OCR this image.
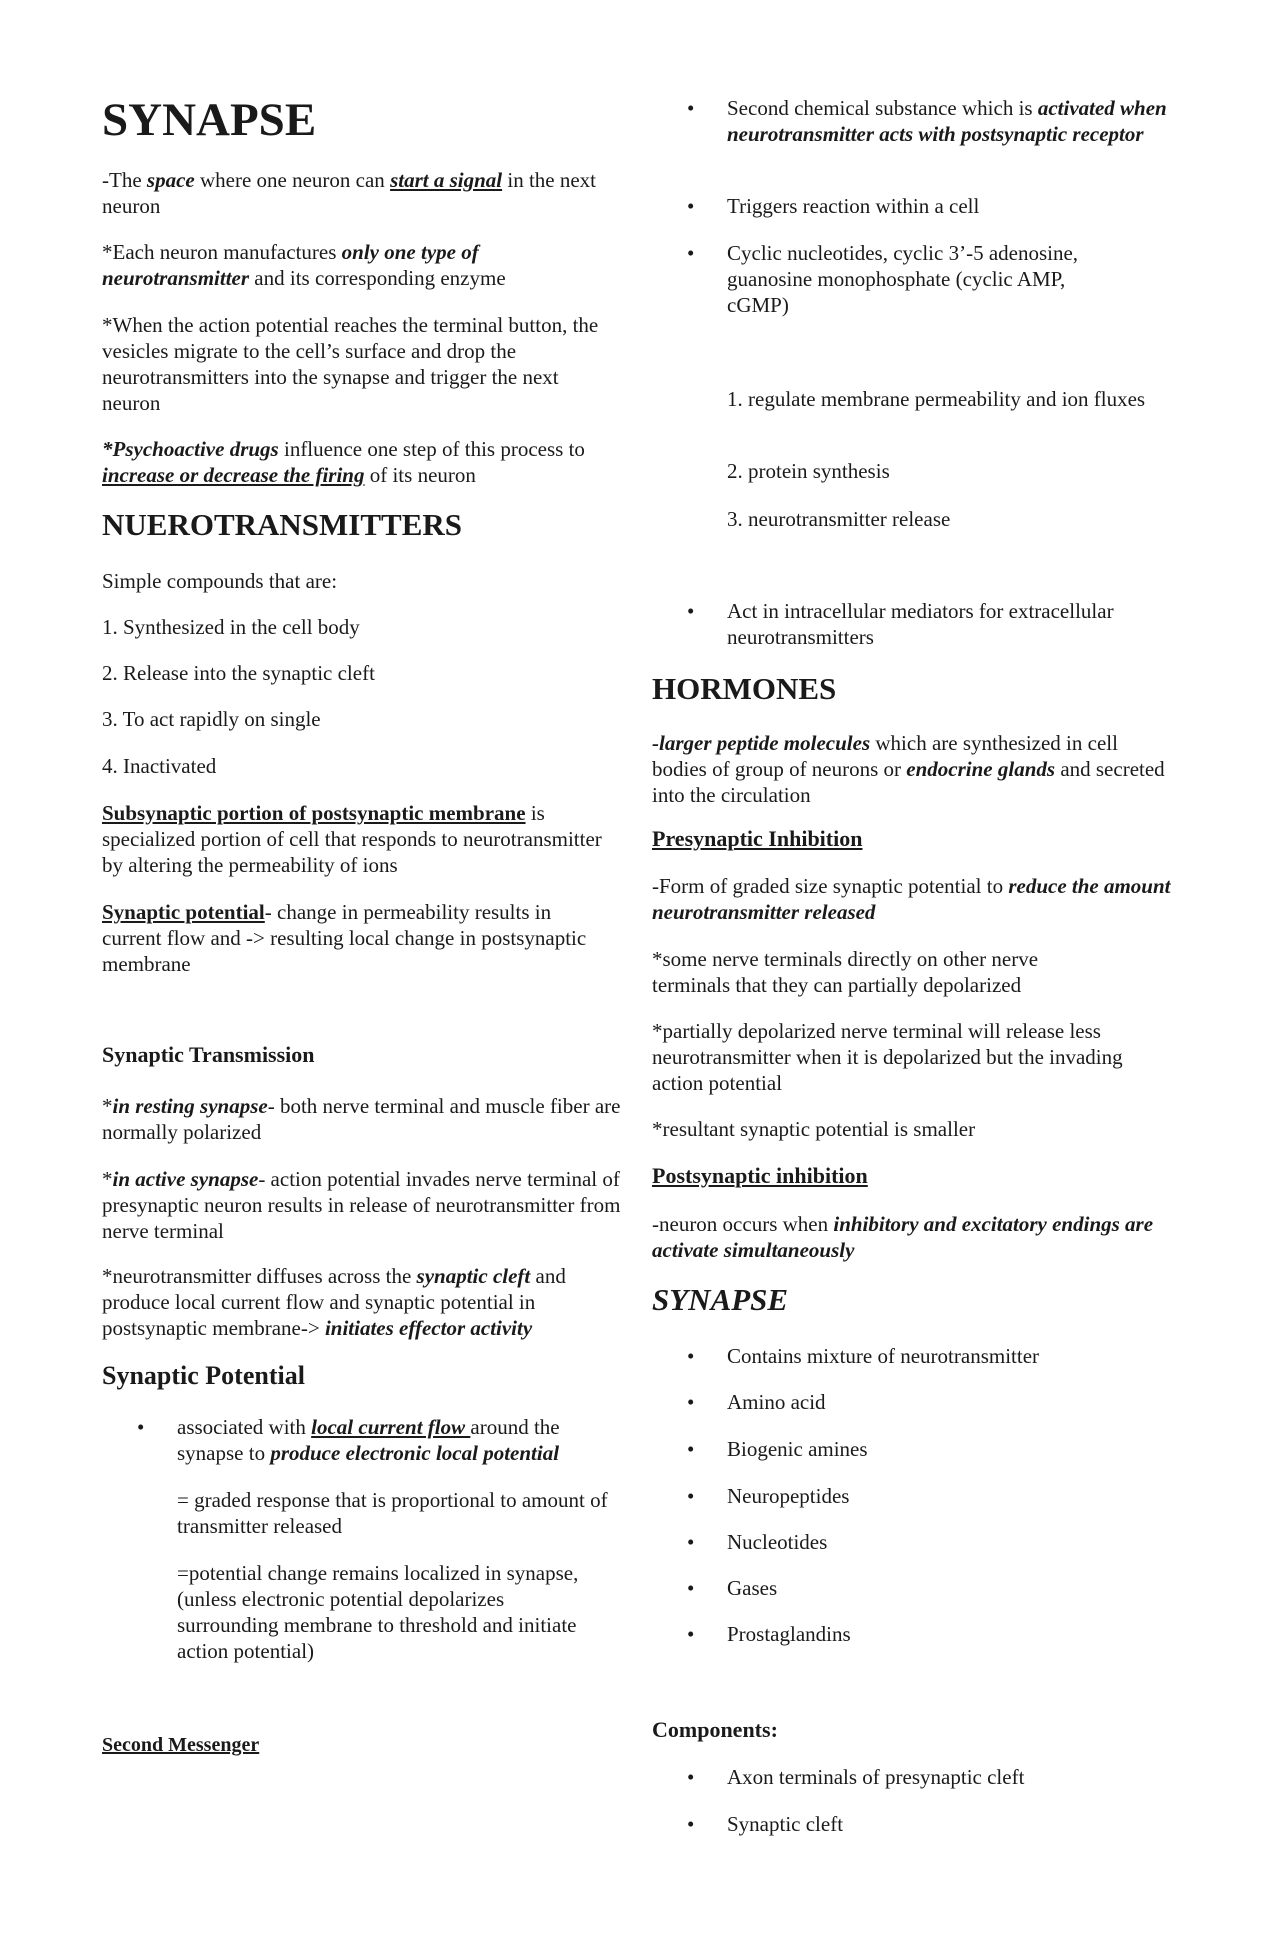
SYNAPSE

-The space where one neuron can start a signal in the next neuron

*Each neuron manufactures only one type of neurotransmitter and its corresponding enzyme

*When the action potential reaches the terminal button, the vesicles migrate to the cell’s surface and drop the neurotransmitters into the synapse and trigger the next neuron

*Psychoactive drugs influence one step of this process to increase or decrease the firing of its neuron

NUEROTRANSMITTERS

Simple compounds that are:

1. Synthesized in the cell body

2. Release into the synaptic cleft

3. To act rapidly on single

4. Inactivated

Subsynaptic portion of postsynaptic membrane is specialized portion of cell that responds to neurotransmitter by altering the permeability of ions

Synaptic potential- change in permeability results in current flow and -> resulting local change in postsynaptic membrane

Synaptic Transmission

*in resting synapse- both nerve terminal and muscle fiber are normally polarized

*in active synapse- action potential invades nerve terminal of presynaptic neuron results in release of neurotransmitter from nerve terminal

*neurotransmitter diffuses across the synaptic cleft and produce local current flow and synaptic potential in postsynaptic membrane-> initiates effector activity

Synaptic Potential
• associated with local current flow around the synapse to produce electronic local potential

= graded response that is proportional to amount of transmitter released

=potential change remains localized in synapse, (unless electronic potential depolarizes surrounding membrane to threshold and initiate action potential)

Second Messenger
• Second chemical substance which is activated when neurotransmitter acts with postsynaptic receptor
• Triggers reaction within a cell
• Cyclic nucleotides, cyclic 3’-5 adenosine, guanosine monophosphate (cyclic AMP, cGMP)

1. regulate membrane permeability and ion fluxes

2. protein synthesis

3. neurotransmitter release

• Act in intracellular mediators for extracellular neurotransmitters
HORMONES

-larger peptide molecules which are synthesized in cell bodies of group of neurons or endocrine glands and secreted into the circulation

Presynaptic Inhibition

-Form of graded size synaptic potential to reduce the amount neurotransmitter released

*some nerve terminals directly on other nerve terminals that they can partially depolarized

*partially depolarized nerve terminal will release less neurotransmitter when it is depolarized but the invading action potential

*resultant synaptic potential is smaller

Postsynaptic inhibition

-neuron occurs when inhibitory and excitatory endings are activate simultaneously

SYNAPSE
• Contains mixture of neurotransmitter
• Amino acid
• Biogenic amines
• Neuropeptides
• Nucleotides
• Gases
• Prostaglandins
Components:
• Axon terminals of presynaptic cleft
• Synaptic cleft
